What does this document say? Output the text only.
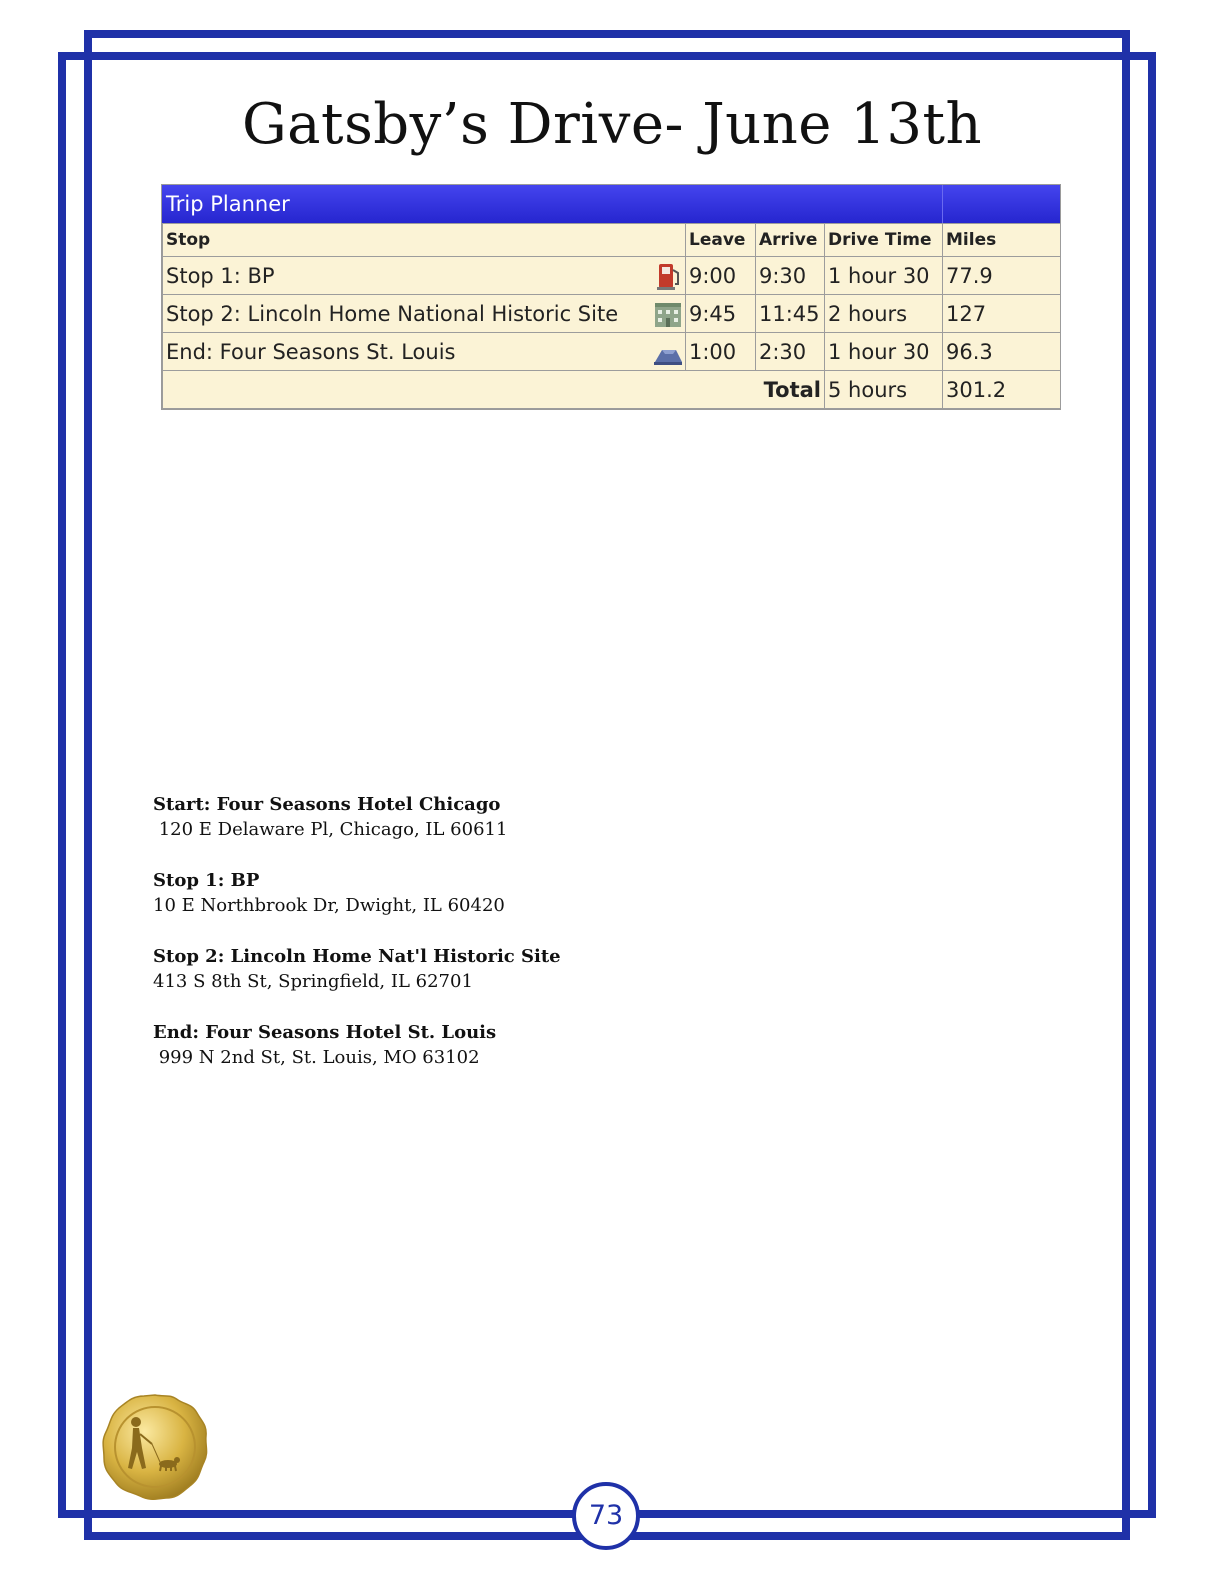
Gatsby’s Drive- June 13th
Trip Planner
Stop	Leave	Arrive	Drive Time	Miles
Stop 1: BP	9:00	9:30	1 hour 30	77.9
Stop 2: Lincoln Home National Historic Site	9:45	11:45	2 hours	127
End: Four Seasons St. Louis	1:00	2:30	1 hour 30	96.3
Total			5 hours	301.2
Start: Four Seasons Hotel Chicago
120 E Delaware Pl, Chicago, IL 60611
Stop 1: BP
10 E Northbrook Dr, Dwight, IL 60420
Stop 2: Lincoln Home Nat'l Historic Site
413 S 8th St, Springfield, IL 62701
End: Four Seasons Hotel St. Louis
999 N 2nd St, St. Louis, MO 63102
73
